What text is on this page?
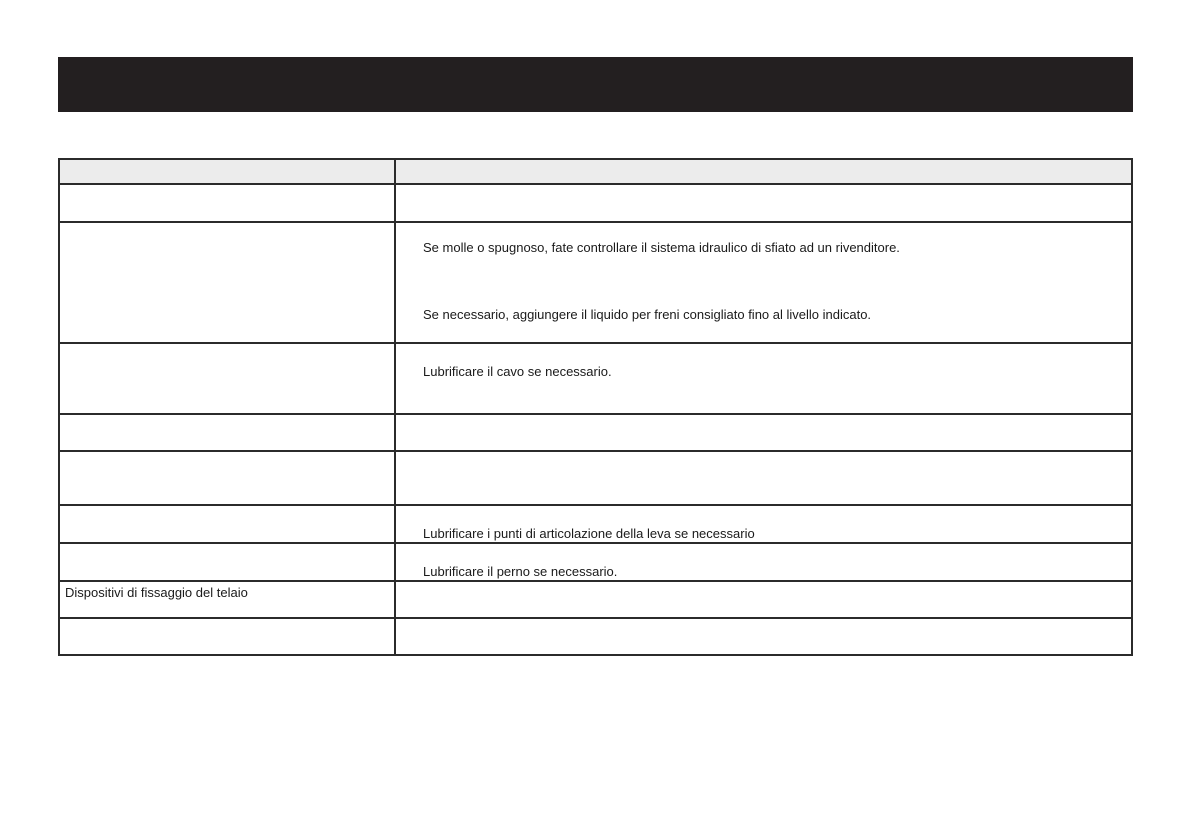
	Se molle o spugnoso, fate controllare il sistema idraulico di sfiato ad un rivenditore.
Se necessario, aggiungere il liquido per freni consigliato fino al livello indicato.

	Lubrificare il cavo se necessario.

	Lubrificare i punti di articolazione della leva se necessario

	Lubrificare il perno se necessario.

Dispositivi di fissaggio del telaio	
